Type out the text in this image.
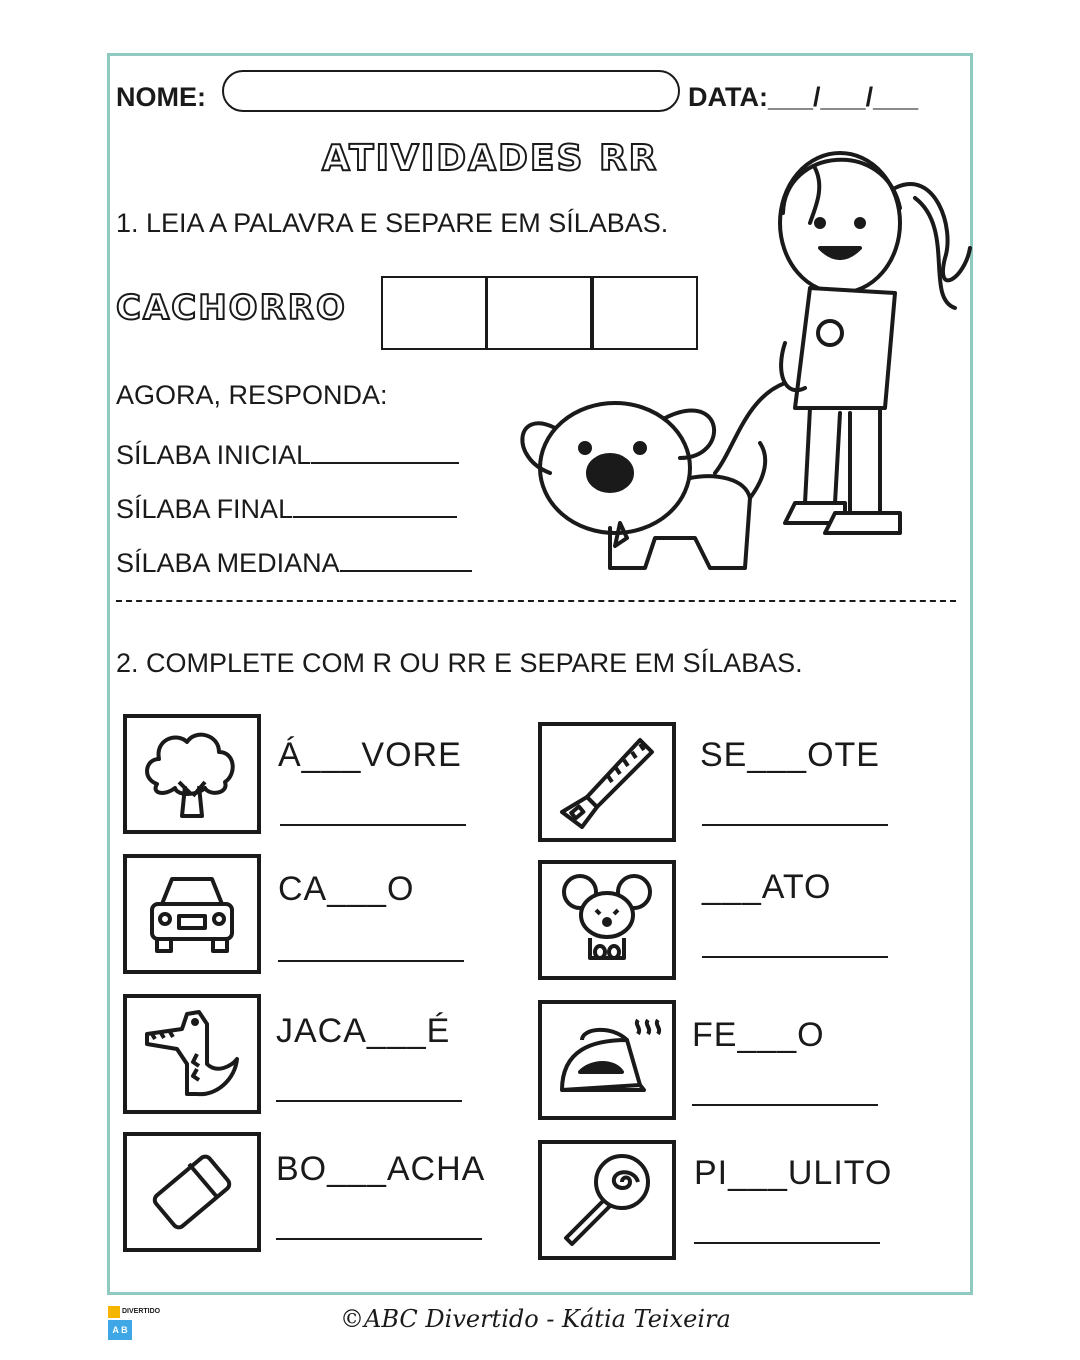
NOME:	DATA:___/___/___
ATIVIDADES RR
1. LEIA A PALAVRA E SEPARE EM SÍLABAS.
CACHORRO
AGORA, RESPONDA:
SÍLABA INICIAL
SÍLABA FINAL
SÍLABA MEDIANA
2. COMPLETE COM R OU RR E SEPARE EM SÍLABAS.
Á___VORE	SE___OTE
CA___O	___ATO
JACA___É	FE___O
BO___ACHA	PI___ULITO
DIVERTIDO
A B C
©ABC Divertido - Kátia Teixeira
